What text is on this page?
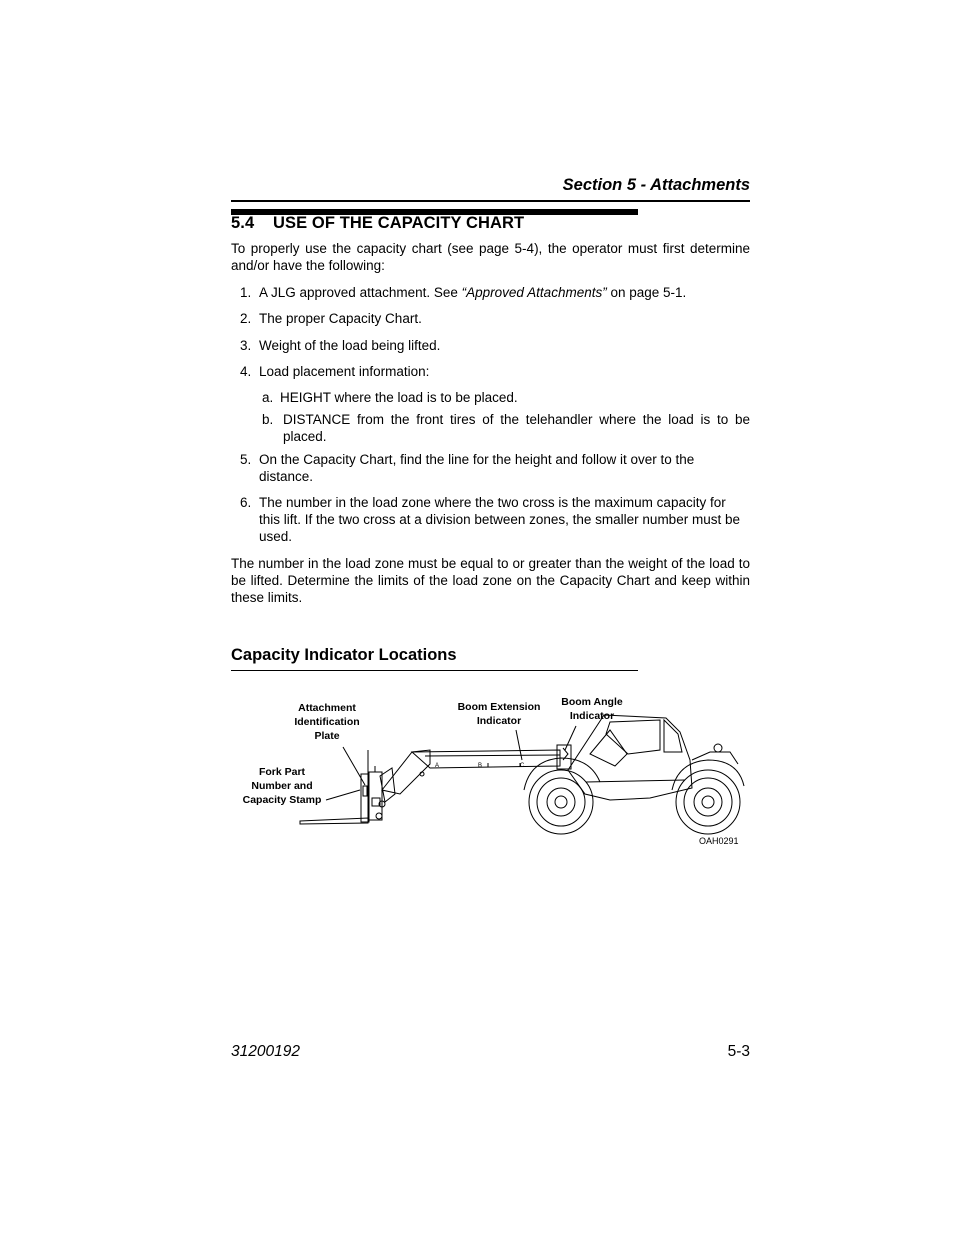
Section 5 - Attachments
5.4 USE OF THE CAPACITY CHART
To properly use the capacity chart (see page 5-4), the operator must first determine and/or have the following:
1. A JLG approved attachment. See “Approved Attachments” on page 5-1.
2. The proper Capacity Chart.
3. Weight of the load being lifted.
4. Load placement information:
a. HEIGHT where the load is to be placed.
b. DISTANCE from the front tires of the telehandler where the load is to be placed.
5. On the Capacity Chart, find the line for the height and follow it over to the distance.
6. The number in the load zone where the two cross is the maximum capacity for this lift. If the two cross at a division between zones, the smaller number must be used.
The number in the load zone must be equal to or greater than the weight of the load to be lifted. Determine the limits of the load zone on the Capacity Chart and keep within these limits.
Capacity Indicator Locations
A	B	C
Attachment
Identification
Plate
Boom Extension
Indicator
Boom Angle
Indicator
Fork Part
Number and
Capacity Stamp
OAH0291
31200192	5-3
